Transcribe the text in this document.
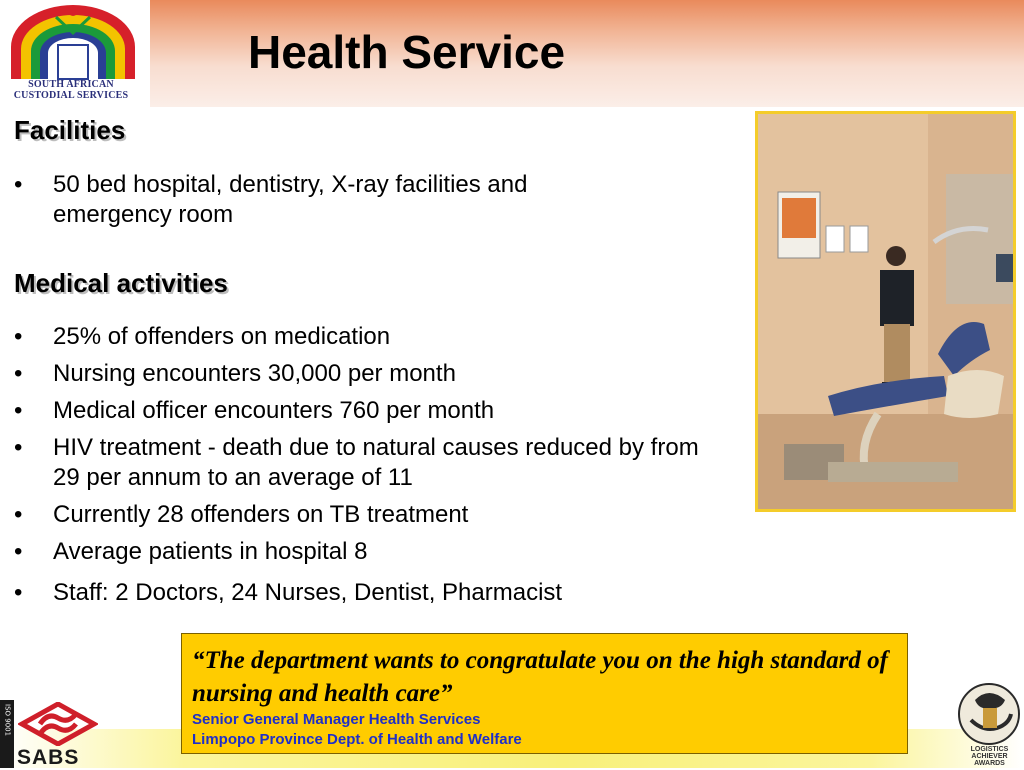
SOUTH AFRICAN
CUSTODIAL SERVICES
Health Service
Facilities
• 50 bed hospital, dentistry, X-ray facilities and emergency room
Medical activities
• 25% of offenders on medication
• Nursing encounters 30,000 per month
• Medical officer encounters 760 per month
• HIV treatment - death due to natural causes reduced by from 29 per annum to an average of 11
• Currently 28 offenders on TB treatment
• Average patients in hospital 8
• Staff: 2 Doctors, 24 Nurses, Dentist, Pharmacist
“The department wants to congratulate you on the high standard of nursing and health care”
Senior General Manager Health Services
Limpopo Province Dept. of Health and Welfare
ISO 9001
SABS	LOGISTICS
ACHIEVER
AWARDS
